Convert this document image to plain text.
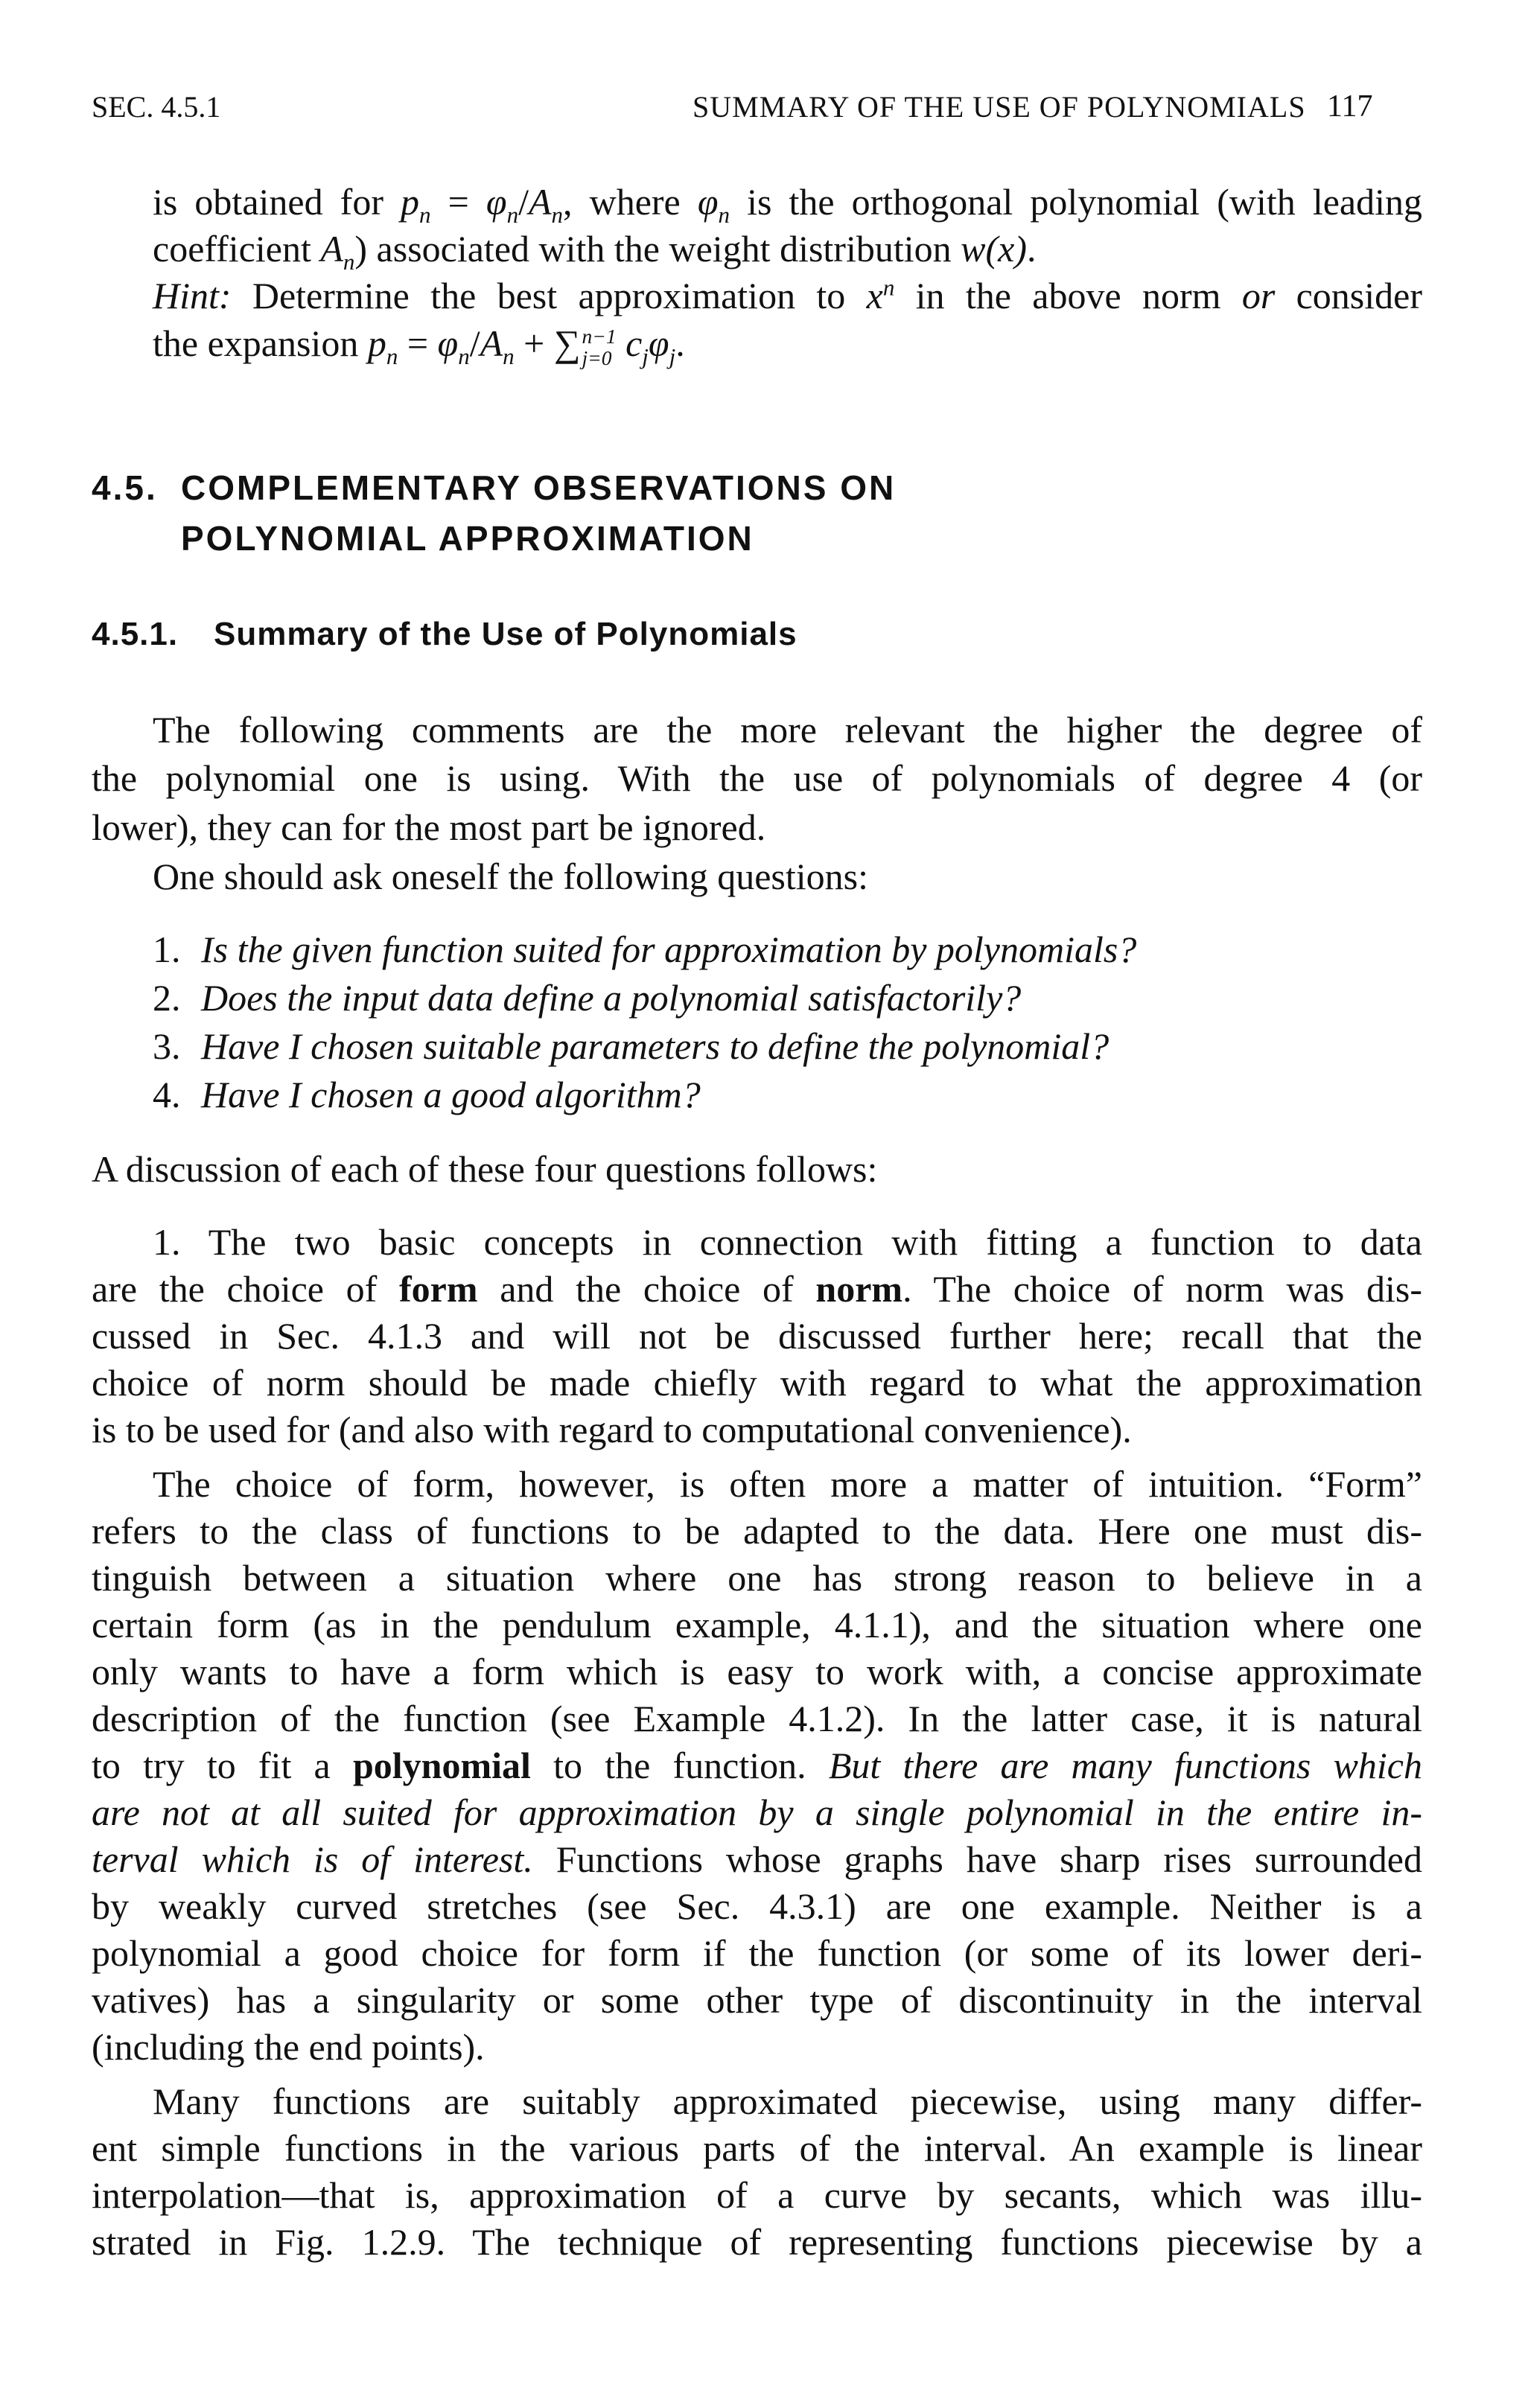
SEC. 4.5.1	SUMMARY OF THE USE OF POLYNOMIALS 117
is obtained for $p_n = \varphi_n/A_n$, where $\varphi_n$ is the orthogonal polynomial (with leading
coefficient $A_n$) associated with the weight distribution w(x).
Hint: Determine the best approximation to $x^n$ in the above norm or consider
the expansion $p_n = \varphi_n/A_n$ + ∑ n−1
j=0 $c_j\varphi_j$.
4.5. COMPLEMENTARY OBSERVATIONS ON
POLYNOMIAL APPROXIMATION
4.5.1. Summary of the Use of Polynomials
The following comments are the more relevant the higher the degree of
the polynomial one is using. With the use of polynomials of degree 4 (or
lower), they can for the most part be ignored.
One should ask oneself the following questions:
1. Is the given function suited for approximation by polynomials?
2. Does the input data define a polynomial satisfactorily?
3. Have I chosen suitable parameters to define the polynomial?
4. Have I chosen a good algorithm?
A discussion of each of these four questions follows:
1. The two basic concepts in connection with fitting a function to data
are the choice of form and the choice of norm. The choice of norm was dis-
cussed in Sec. 4.1.3 and will not be discussed further here; recall that the
choice of norm should be made chiefly with regard to what the approximation
is to be used for (and also with regard to computational convenience).
The choice of form, however, is often more a matter of intuition. “Form”
refers to the class of functions to be adapted to the data. Here one must dis-
tinguish between a situation where one has strong reason to believe in a
certain form (as in the pendulum example, 4.1.1), and the situation where one
only wants to have a form which is easy to work with, a concise approximate
description of the function (see Example 4.1.2). In the latter case, it is natural
to try to fit a polynomial to the function. But there are many functions which
are not at all suited for approximation by a single polynomial in the entire in-
terval which is of interest. Functions whose graphs have sharp rises surrounded
by weakly curved stretches (see Sec. 4.3.1) are one example. Neither is a
polynomial a good choice for form if the function (or some of its lower deri-
vatives) has a singularity or some other type of discontinuity in the interval
(including the end points).
Many functions are suitably approximated piecewise, using many differ-
ent simple functions in the various parts of the interval. An example is linear
interpolation—that is, approximation of a curve by secants, which was illu-
strated in Fig. 1.2.9. The technique of representing functions piecewise by a
